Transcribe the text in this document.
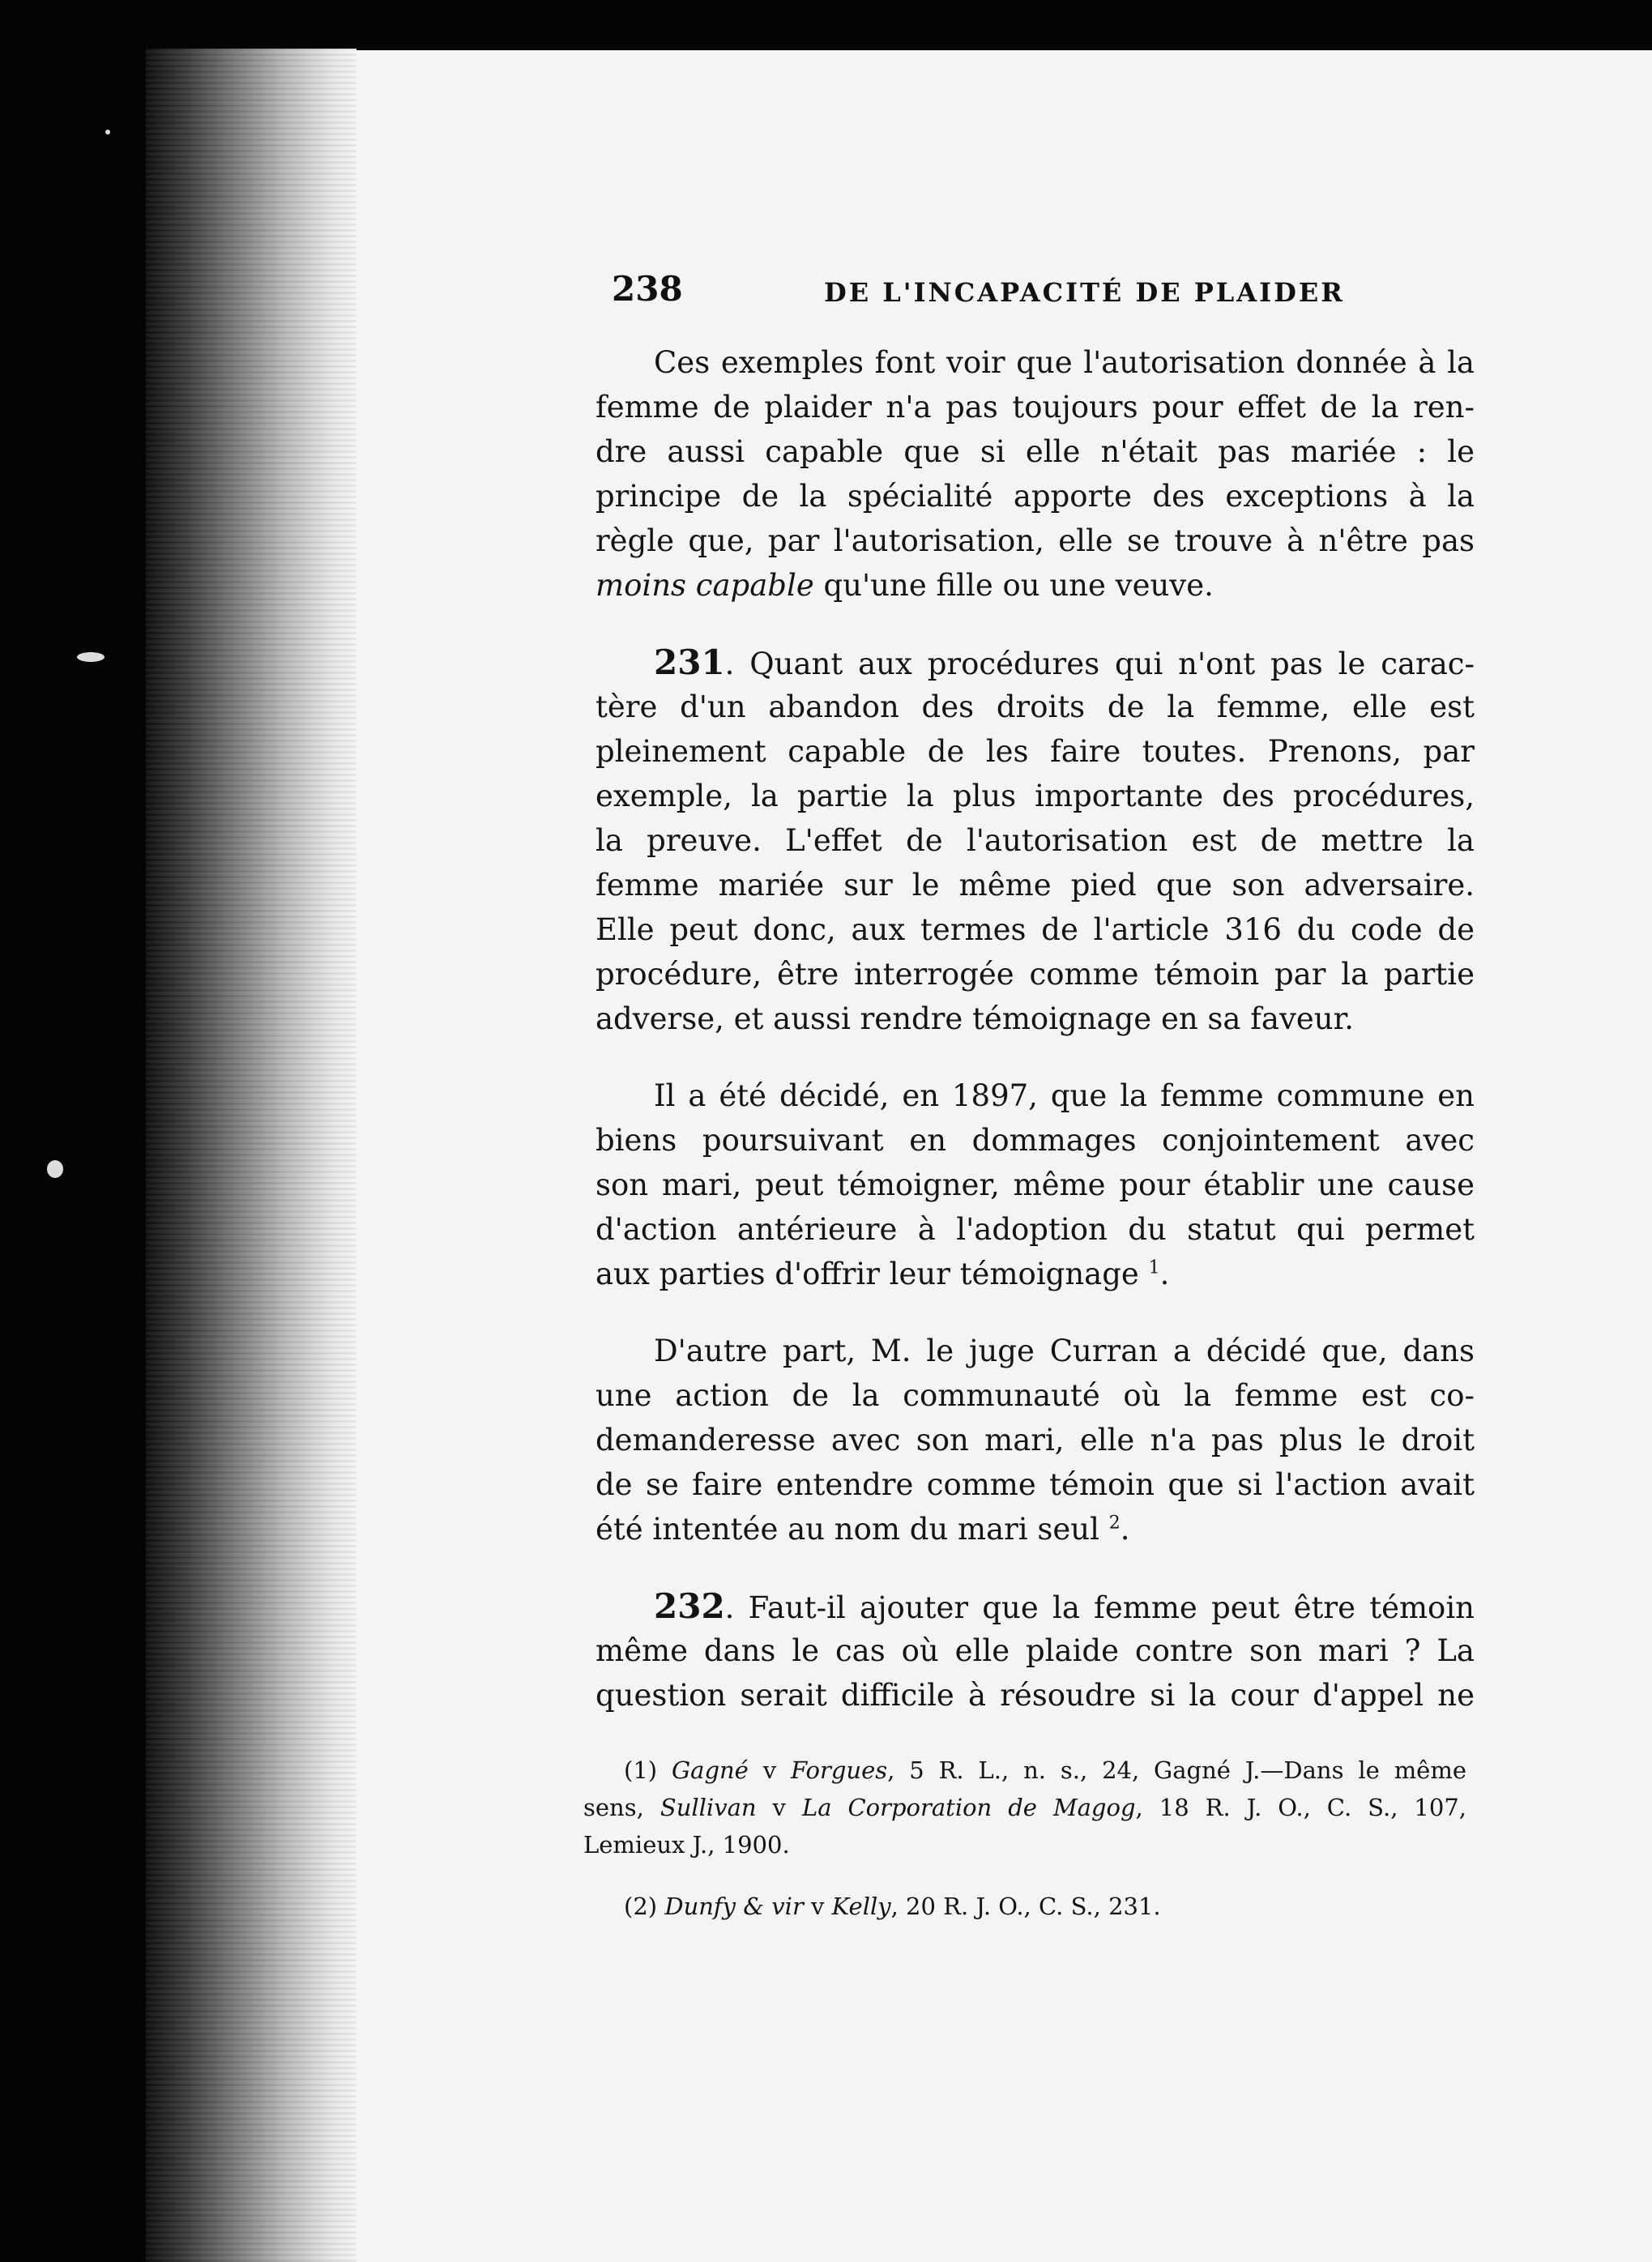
238	DE L'INCAPACITÉ DE PLAIDER
Ces exemples font voir que l'autorisation donnée à la
femme de plaider n'a pas toujours pour effet de la ren-
dre aussi capable que si elle n'était pas mariée : le
principe de la spécialité apporte des exceptions à la
règle que, par l'autorisation, elle se trouve à n'être pas
moins capable qu'une fille ou une veuve.
231. Quant aux procédures qui n'ont pas le carac-
tère d'un abandon des droits de la femme, elle est
pleinement capable de les faire toutes. Prenons, par
exemple, la partie la plus importante des procédures,
la preuve. L'effet de l'autorisation est de mettre la
femme mariée sur le même pied que son adversaire.
Elle peut donc, aux termes de l'article 316 du code de
procédure, être interrogée comme témoin par la partie
adverse, et aussi rendre témoignage en sa faveur.
Il a été décidé, en 1897, que la femme commune en
biens poursuivant en dommages conjointement avec
son mari, peut témoigner, même pour établir une cause
d'action antérieure à l'adoption du statut qui permet
aux parties d'offrir leur témoignage $^1$.
D'autre part, M. le juge Curran a décidé que, dans
une action de la communauté où la femme est co-
demanderesse avec son mari, elle n'a pas plus le droit
de se faire entendre comme témoin que si l'action avait
été intentée au nom du mari seul $^2$.
232. Faut-il ajouter que la femme peut être témoin
même dans le cas où elle plaide contre son mari ? La
question serait difficile à résoudre si la cour d'appel ne
(1) Gagné v Forgues, 5 R. L., n. s., 24, Gagné J.—Dans le même
sens, Sullivan v La Corporation de Magog, 18 R. J. O., C. S., 107,
Lemieux J., 1900.
(2) Dunfy & vir v Kelly, 20 R. J. O., C. S., 231.
